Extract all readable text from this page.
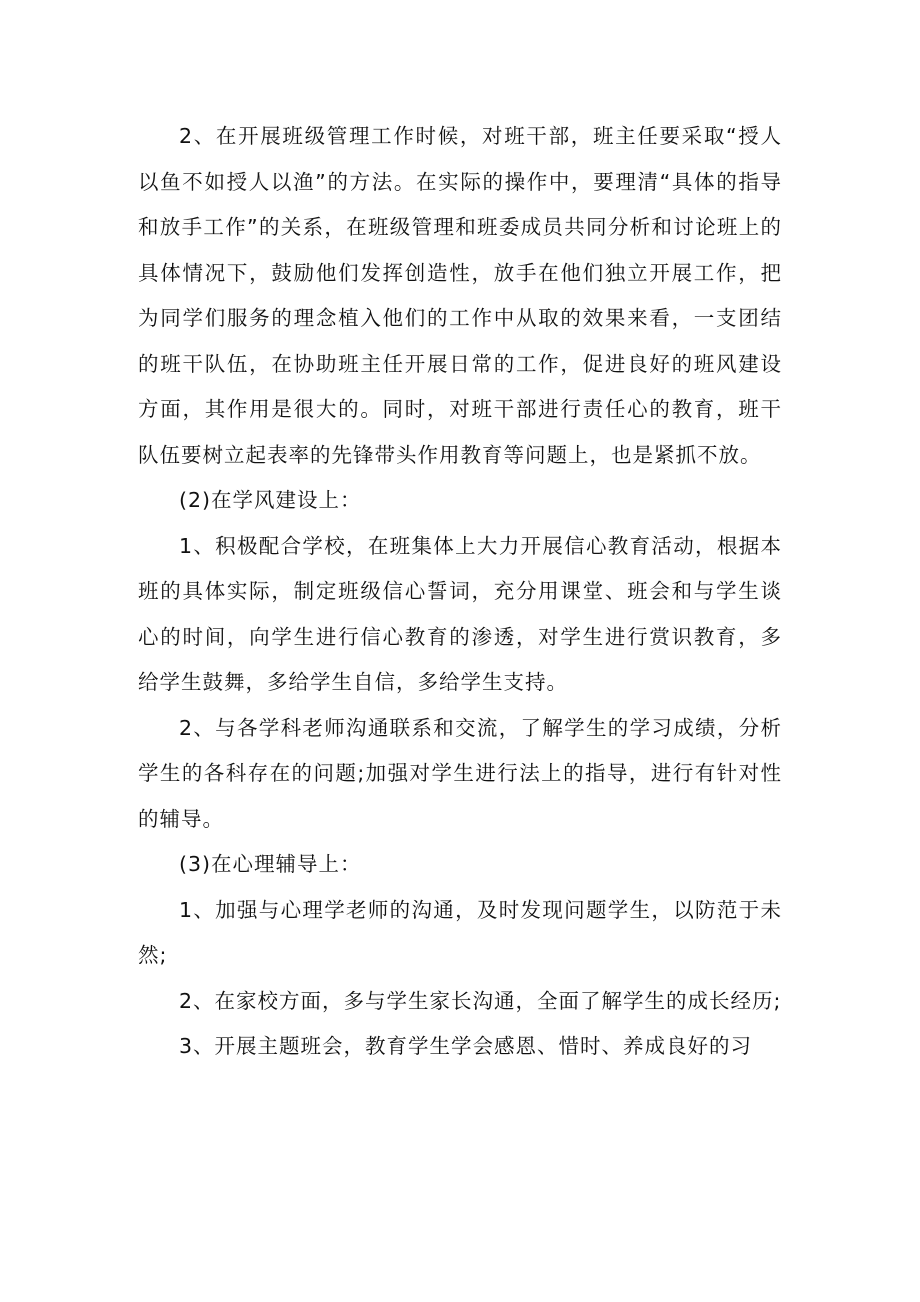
2、在开展班级管理工作时候，对班干部，班主任要采取“授人以鱼不如授人以渔”的方法。在实际的操作中，要理清“具体的指导和放手工作”的关系，在班级管理和班委成员共同分析和讨论班上的具体情况下，鼓励他们发挥创造性，放手在他们独立开展工作，把为同学们服务的理念植入他们的工作中从取的效果来看，一支团结的班干队伍，在协助班主任开展日常的工作，促进良好的班风建设方面，其作用是很大的。同时，对班干部进行责任心的教育，班干队伍要树立起表率的先锋带头作用教育等问题上，也是紧抓不放。

(2)在学风建设上：

1、积极配合学校，在班集体上大力开展信心教育活动，根据本班的具体实际，制定班级信心誓词，充分用课堂、班会和与学生谈心的时间，向学生进行信心教育的渗透，对学生进行赏识教育，多给学生鼓舞，多给学生自信，多给学生支持。

2、与各学科老师沟通联系和交流，了解学生的学习成绩，分析学生的各科存在的问题;加强对学生进行法上的指导，进行有针对性的辅导。

(3)在心理辅导上：

1、加强与心理学老师的沟通，及时发现问题学生，以防范于未然;

2、在家校方面，多与学生家长沟通，全面了解学生的成长经历;

3、开展主题班会，教育学生学会感恩、惜时、养成良好的习
